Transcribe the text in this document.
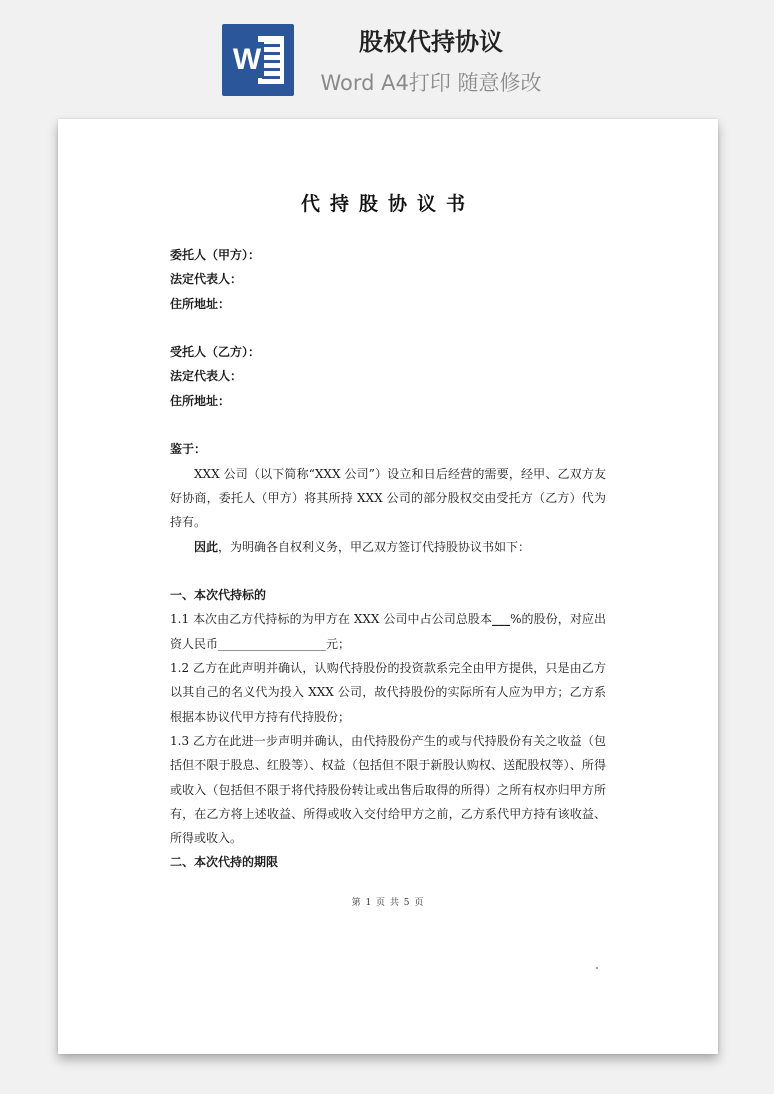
W
股权代持协议
Word A4打印 随意修改
代持股协议书

委托人（甲方）：

法定代表人：

住所地址：

受托人（乙方）：

法定代表人：

住所地址：

鉴于：

XXX 公司（以下简称“XXX 公司”）设立和日后经营的需要，经甲、乙双方友好协商，委托人（甲方）将其所持 XXX 公司的部分股权交由受托方（乙方）代为持有。

因此，为明确各自权利义务，甲乙双方签订代持股协议书如下：

一、本次代持标的

1.1 本次由乙方代持标的为甲方在 XXX 公司中占公司总股本___%的股份，对应出资人民币__________________元；

1.2 乙方在此声明并确认，认购代持股份的投资款系完全由甲方提供，只是由乙方以其自己的名义代为投入 XXX 公司，故代持股份的实际所有人应为甲方；乙方系根据本协议代甲方持有代持股份；

1.3 乙方在此进一步声明并确认，由代持股份产生的或与代持股份有关之收益（包括但不限于股息、红股等）、权益（包括但不限于新股认购权、送配股权等）、所得或收入（包括但不限于将代持股份转让或出售后取得的所得）之所有权亦归甲方所有，在乙方将上述收益、所得或收入交付给甲方之前，乙方系代甲方持有该收益、所得或收入。

二、本次代持的期限

第 1 页 共 5 页
